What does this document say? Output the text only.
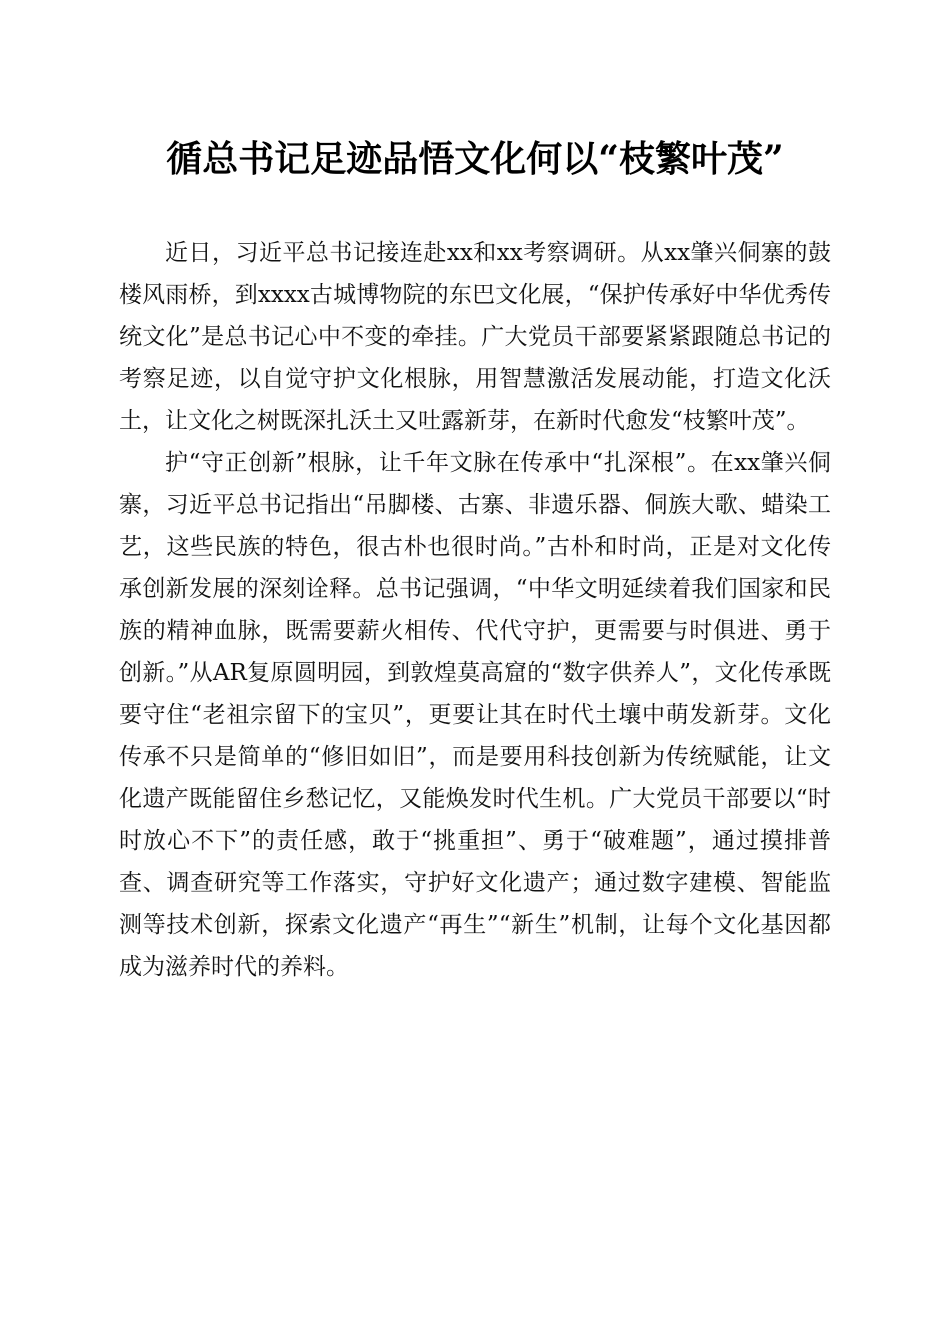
循总书记足迹品悟文化何以“枝繁叶茂”

近日，习近平总书记接连赴xx和xx考察调研。从xx肇兴侗寨的鼓楼风雨桥，到xxxx古城博物院的东巴文化展，“保护传承好中华优秀传统文化”是总书记心中不变的牵挂。广大党员干部要紧紧跟随总书记的考察足迹，以自觉守护文化根脉，用智慧激活发展动能，打造文化沃土，让文化之树既深扎沃土又吐露新芽，在新时代愈发“枝繁叶茂”。

护“守正创新”根脉，让千年文脉在传承中“扎深根”。在xx肇兴侗寨，习近平总书记指出“吊脚楼、古寨、非遗乐器、侗族大歌、蜡染工艺，这些民族的特色，很古朴也很时尚。”古朴和时尚，正是对文化传承创新发展的深刻诠释。总书记强调，“中华文明延续着我们国家和民族的精神血脉，既需要薪火相传、代代守护，更需要与时俱进、勇于创新。”从AR复原圆明园，到敦煌莫高窟的“数字供养人”，文化传承既要守住“老祖宗留下的宝贝”，更要让其在时代土壤中萌发新芽。文化传承不只是简单的“修旧如旧”，而是要用科技创新为传统赋能，让文化遗产既能留住乡愁记忆，又能焕发时代生机。广大党员干部要以“时时放心不下”的责任感，敢于“挑重担”、勇于“破难题”，通过摸排普查、调查研究等工作落实，守护好文化遗产；通过数字建模、智能监测等技术创新，探索文化遗产“再生”“新生”机制，让每个文化基因都成为滋养时代的养料。
